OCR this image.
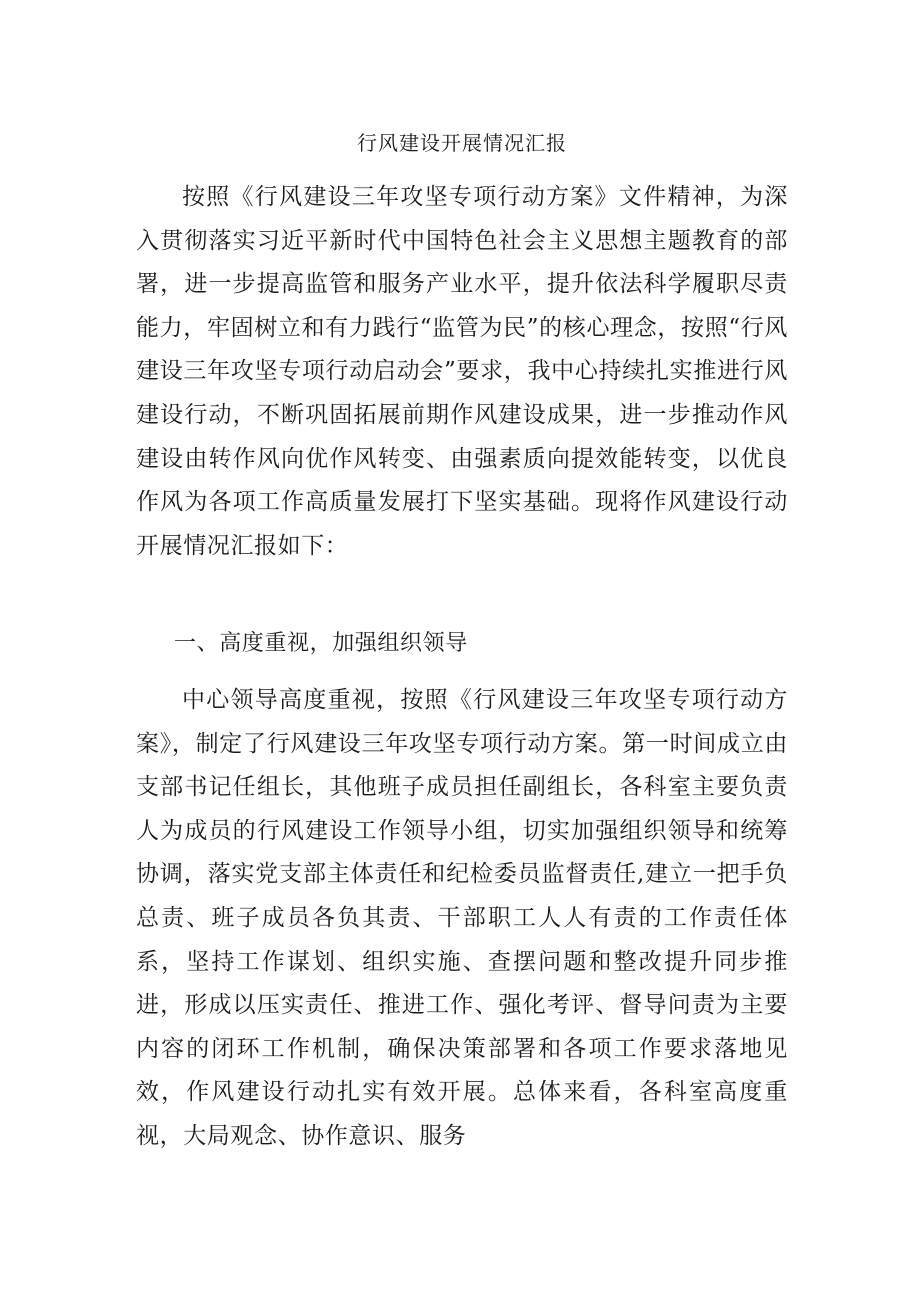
行风建设开展情况汇报

按照《行风建设三年攻坚专项行动方案》文件精神，为深入贯彻落实习近平新时代中国特色社会主义思想主题教育的部署，进一步提高监管和服务产业水平，提升依法科学履职尽责能力，牢固树立和有力践行“监管为民”的核心理念，按照“行风建设三年攻坚专项行动启动会”要求，我中心持续扎实推进行风建设行动，不断巩固拓展前期作风建设成果，进一步推动作风建设由转作风向优作风转变、由强素质向提效能转变，以优良作风为各项工作高质量发展打下坚实基础。现将作风建设行动开展情况汇报如下：

一、高度重视，加强组织领导

中心领导高度重视，按照《行风建设三年攻坚专项行动方案》，制定了行风建设三年攻坚专项行动方案。第一时间成立由支部书记任组长，其他班子成员担任副组长，各科室主要负责人为成员的行风建设工作领导小组，切实加强组织领导和统筹协调，落实党支部主体责任和纪检委员监督责任,建立一把手负总责、班子成员各负其责、干部职工人人有责的工作责任体系，坚持工作谋划、组织实施、查摆问题和整改提升同步推进，形成以压实责任、推进工作、强化考评、督导问责为主要内容的闭环工作机制，确保决策部署和各项工作要求落地见效，作风建设行动扎实有效开展。总体来看，各科室高度重视，大局观念、协作意识、服务
